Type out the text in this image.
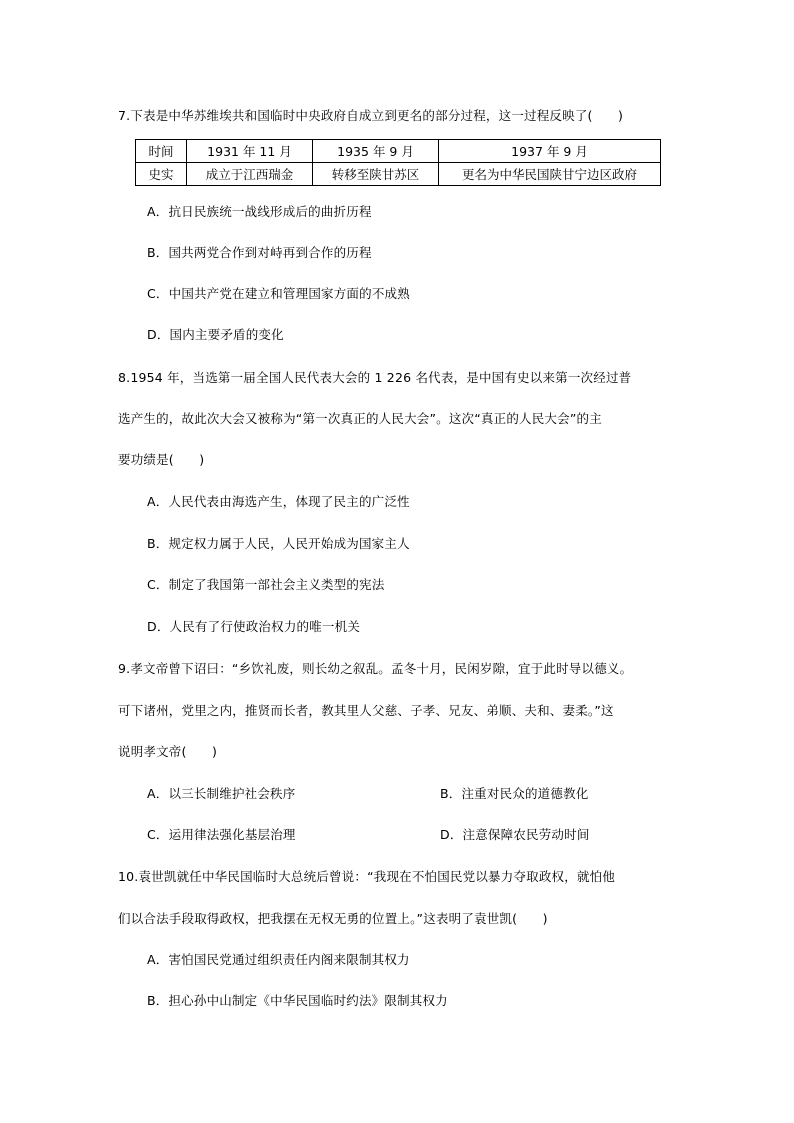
7.下表是中华苏维埃共和国临时中央政府自成立到更名的部分过程，这一过程反映了(　　)
时间	1931 年 11 月	1935 年 9 月	1937 年 9 月
史实	成立于江西瑞金	转移至陕甘苏区	更名为中华民国陕甘宁边区政府
A．抗日民族统一战线形成后的曲折历程
B．国共两党合作到对峙再到合作的历程
C．中国共产党在建立和管理国家方面的不成熟
D．国内主要矛盾的变化
8.1954 年，当选第一届全国人民代表大会的 1 226 名代表，是中国有史以来第一次经过普
选产生的，故此次大会又被称为“第一次真正的人民大会”。这次“真正的人民大会”的主
要功绩是(　　)
A．人民代表由海选产生，体现了民主的广泛性
B．规定权力属于人民，人民开始成为国家主人
C．制定了我国第一部社会主义类型的宪法
D．人民有了行使政治权力的唯一机关
9.孝文帝曾下诏曰：“乡饮礼废，则长幼之叙乱。孟冬十月，民闲岁隙，宜于此时导以德义。
可下诸州，党里之内，推贤而长者，教其里人父慈、子孝、兄友、弟顺、夫和、妻柔。”这
说明孝文帝(　　)
A．以三长制维护社会秩序	B．注重对民众的道德教化
C．运用律法强化基层治理	D．注意保障农民劳动时间
10.袁世凯就任中华民国临时大总统后曾说：“我现在不怕国民党以暴力夺取政权，就怕他
们以合法手段取得政权，把我摆在无权无勇的位置上。”这表明了袁世凯(　　)
A．害怕国民党通过组织责任内阁来限制其权力
B．担心孙中山制定《中华民国临时约法》限制其权力
